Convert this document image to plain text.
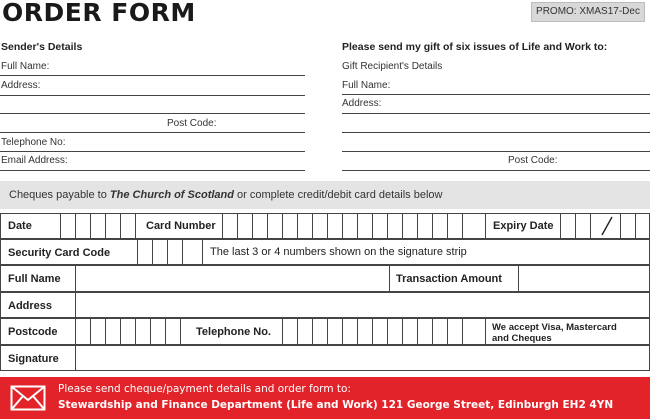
ORDER FORM	PROMO: XMAS17-Dec
Sender's Details
Full Name:
Address:
Post Code:
Telephone No:
Email Address:
Please send my gift of six issues of Life and Work to:
Gift Recipient's Details
Full Name:
Address:
Post Code:
Cheques payable to The Church of Scotland or complete credit/debit card details below
Date	Card Number	Expiry Date
Security Card Code	The last 3 or 4 numbers shown on the signature strip
Full Name	Transaction Amount
Address
Postcode	Telephone No.	We accept Visa, Mastercard
and Cheques
Signature
Please send cheque/payment details and order form to:
Stewardship and Finance Department (Life and Work) 121 George Street, Edinburgh EH2 4YN
